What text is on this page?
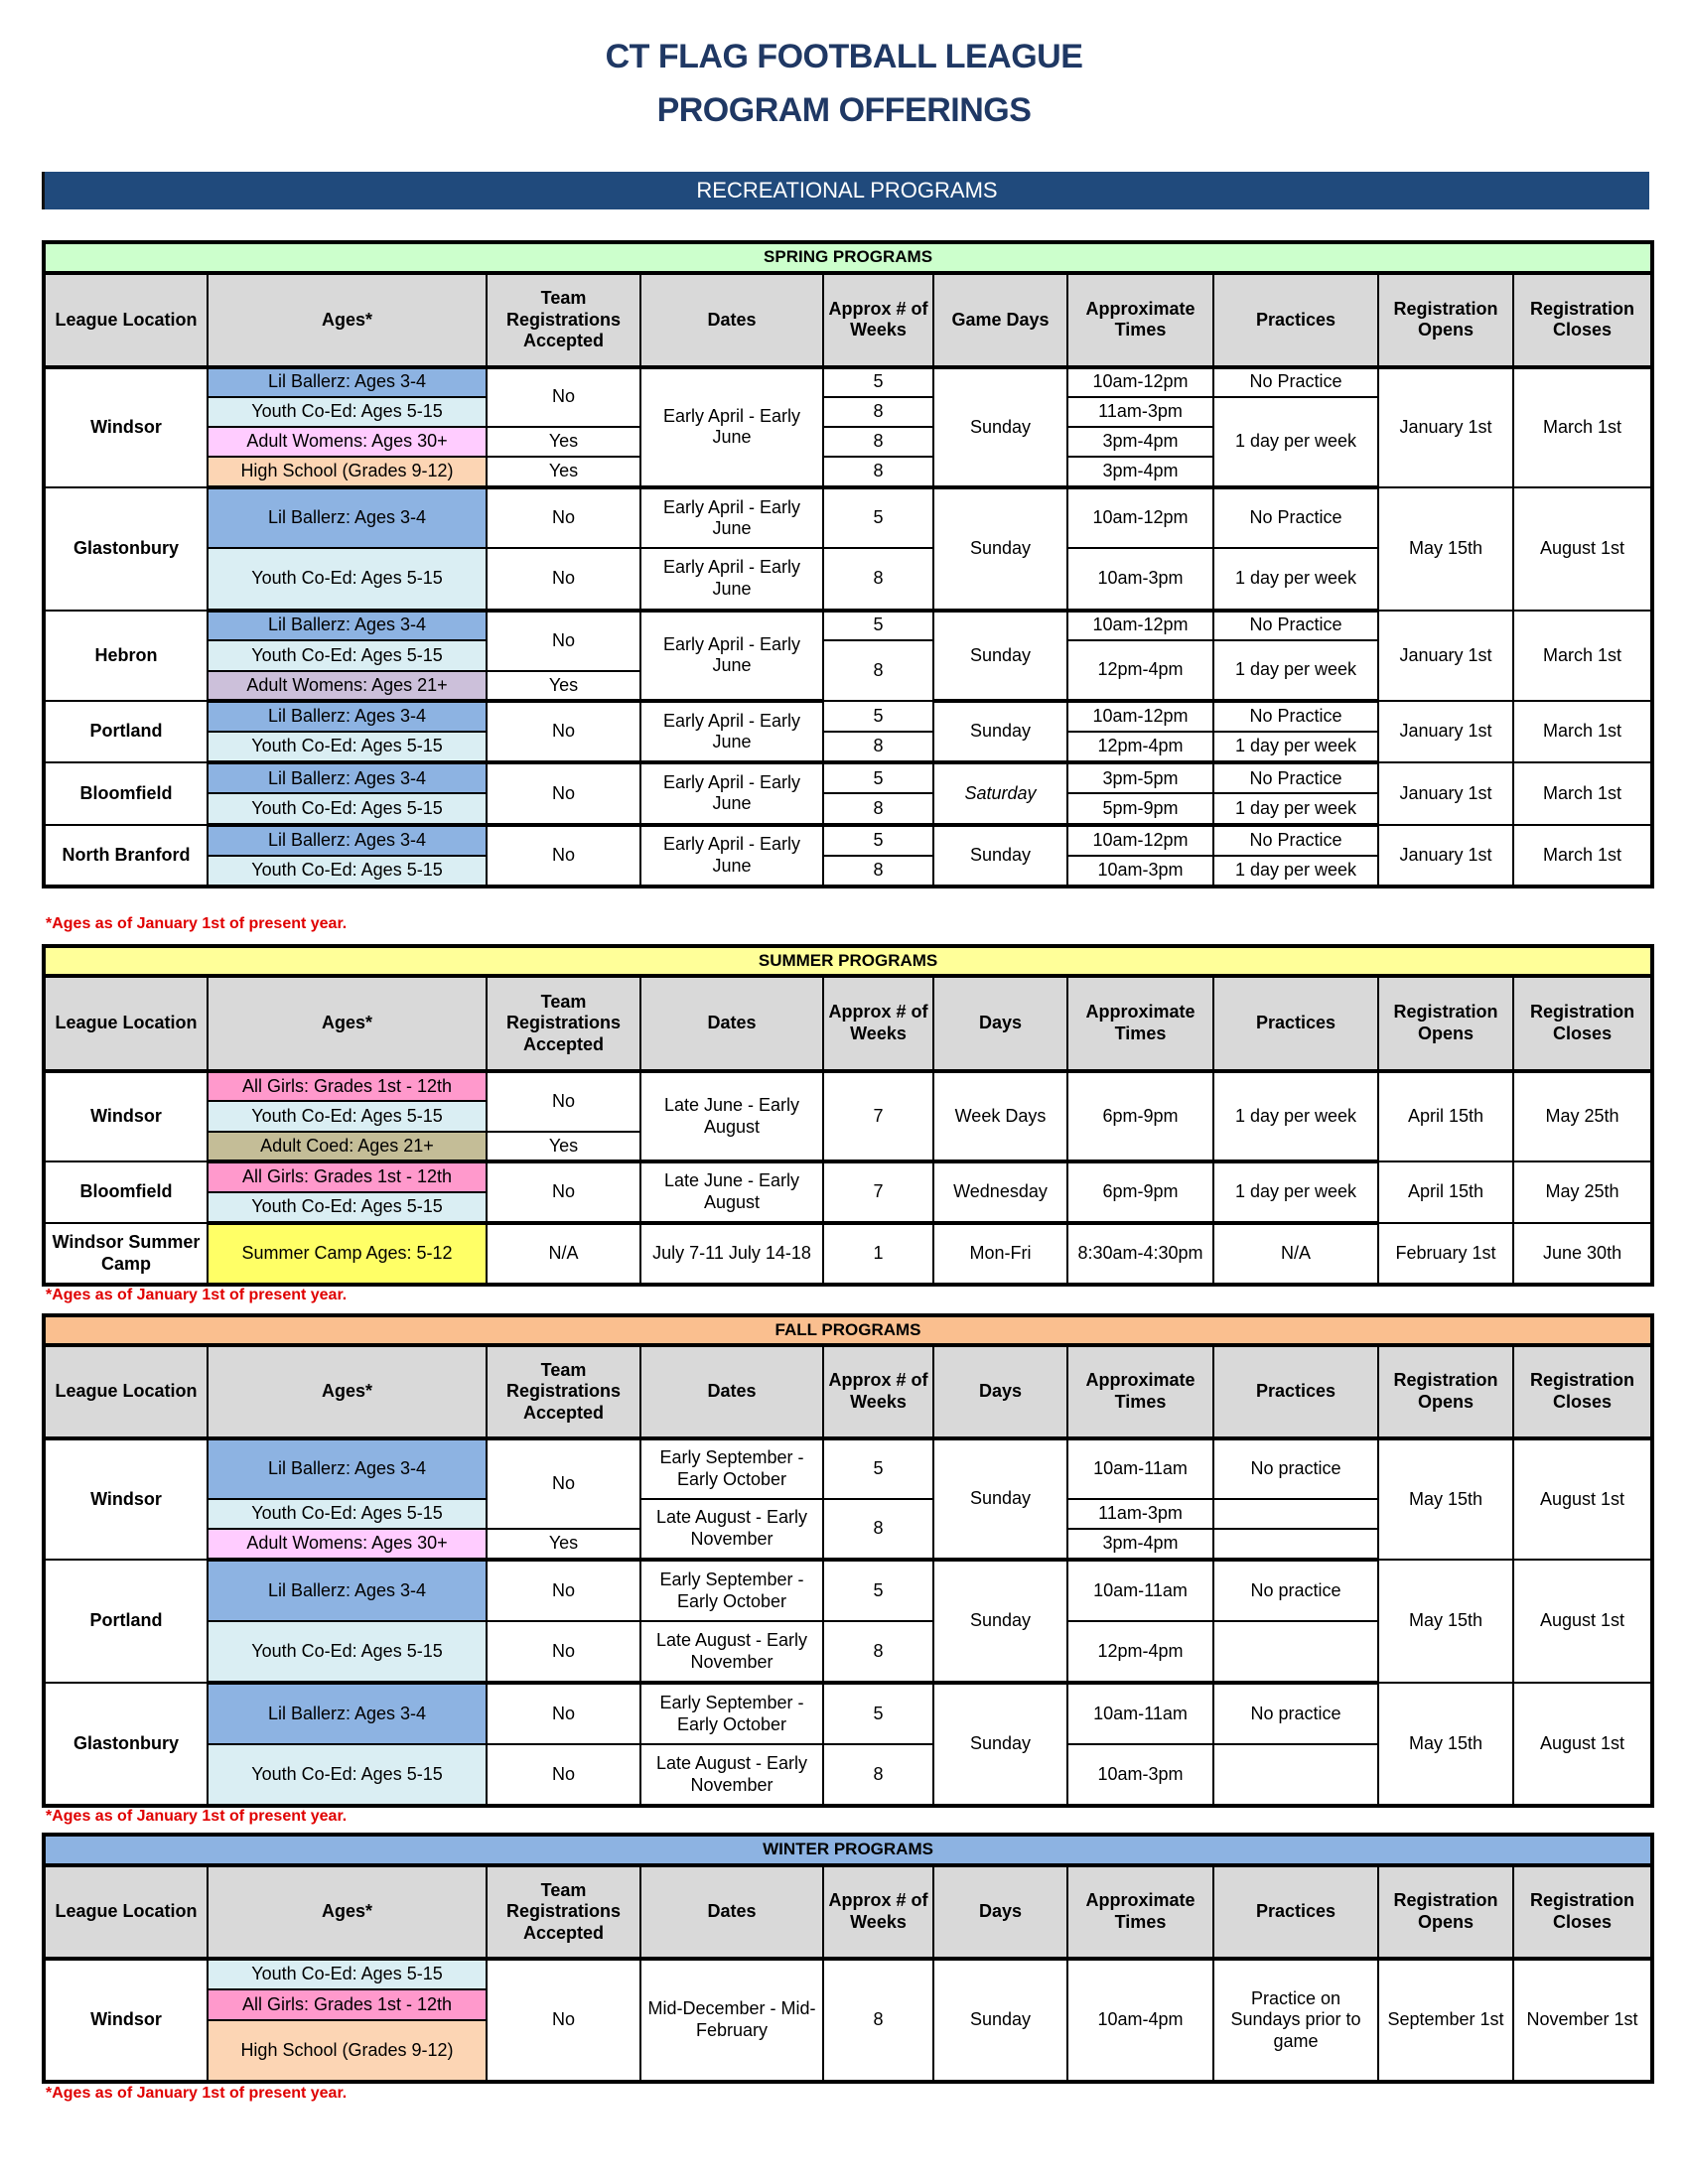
CT FLAG FOOTBALL LEAGUE
PROGRAM OFFERINGS
RECREATIONAL PROGRAMS
SPRING PROGRAMS									
League Location	Ages*	Team Registrations Accepted	Dates	Approx # of Weeks	Game Days	Approximate Times	Practices	Registration Opens	Registration Closes
Windsor	Lil Ballerz: Ages 3-4	No	Early April - Early June	5	Sunday	10am-12pm	No Practice	January 1st	March 1st
	Youth Co-Ed: Ages 5-15			8		11am-3pm	1 day per week		
	Adult Womens: Ages 30+	Yes		8		3pm-4pm			
	High School (Grades 9-12)	Yes		8		3pm-4pm			
Glastonbury	Lil Ballerz: Ages 3-4	No	Early April - Early June	5	Sunday	10am-12pm	No Practice	May 15th	August 1st
	Youth Co-Ed: Ages 5-15	No	Early April - Early June	8		10am-3pm	1 day per week		
Hebron	Lil Ballerz: Ages 3-4	No	Early April - Early June	5	Sunday	10am-12pm	No Practice	January 1st	March 1st
	Youth Co-Ed: Ages 5-15			8		12pm-4pm	1 day per week		
	Adult Womens: Ages 21+	Yes							
Portland	Lil Ballerz: Ages 3-4	No	Early April - Early June	5	Sunday	10am-12pm	No Practice	January 1st	March 1st
	Youth Co-Ed: Ages 5-15			8		12pm-4pm	1 day per week		
Bloomfield	Lil Ballerz: Ages 3-4	No	Early April - Early June	5	Saturday	3pm-5pm	No Practice	January 1st	March 1st
	Youth Co-Ed: Ages 5-15			8		5pm-9pm	1 day per week		
North Branford	Lil Ballerz: Ages 3-4	No	Early April - Early June	5	Sunday	10am-12pm	No Practice	January 1st	March 1st
	Youth Co-Ed: Ages 5-15			8		10am-3pm	1 day per week		
*Ages as of January 1st of present year.
SUMMER PROGRAMS									
League Location	Ages*	Team Registrations Accepted	Dates	Approx # of Weeks	Days	Approximate Times	Practices	Registration Opens	Registration Closes
Windsor	All Girls: Grades 1st - 12th	No	Late June - Early August	7	Week Days	6pm-9pm	1 day per week	April 15th	May 25th
	Youth Co-Ed: Ages 5-15								
	Adult Coed: Ages 21+	Yes							
Bloomfield	All Girls: Grades 1st - 12th	No	Late June - Early August	7	Wednesday	6pm-9pm	1 day per week	April 15th	May 25th
	Youth Co-Ed: Ages 5-15								
Windsor Summer Camp	Summer Camp Ages: 5-12	N/A	July 7-11 July 14-18	1	Mon-Fri	8:30am-4:30pm	N/A	February 1st	June 30th
*Ages as of January 1st of present year.
FALL PROGRAMS									
League Location	Ages*	Team Registrations Accepted	Dates	Approx # of Weeks	Days	Approximate Times	Practices	Registration Opens	Registration Closes
Windsor	Lil Ballerz: Ages 3-4	No	Early September - Early October	5	Sunday	10am-11am	No practice	May 15th	August 1st
	Youth Co-Ed: Ages 5-15		Late August - Early November	8		11am-3pm			
	Adult Womens: Ages 30+	Yes				3pm-4pm			
Portland	Lil Ballerz: Ages 3-4	No	Early September - Early October	5	Sunday	10am-11am	No practice	May 15th	August 1st
	Youth Co-Ed: Ages 5-15	No	Late August - Early November	8		12pm-4pm			
Glastonbury	Lil Ballerz: Ages 3-4	No	Early September - Early October	5	Sunday	10am-11am	No practice	May 15th	August 1st
	Youth Co-Ed: Ages 5-15	No	Late August - Early November	8		10am-3pm			
*Ages as of January 1st of present year.
WINTER PROGRAMS									
League Location	Ages*	Team Registrations Accepted	Dates	Approx # of Weeks	Days	Approximate Times	Practices	Registration Opens	Registration Closes
Windsor	Youth Co-Ed: Ages 5-15	No	Mid-December - Mid-February	8	Sunday	10am-4pm	Practice on Sundays prior to game	September 1st	November 1st
	All Girls: Grades 1st - 12th								
	High School (Grades 9-12)								
*Ages as of January 1st of present year.
